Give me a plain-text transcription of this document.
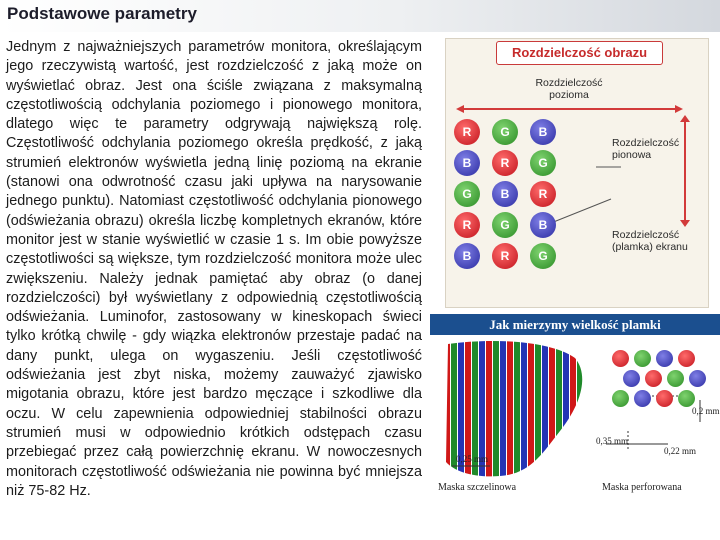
Podstawowe parametry

Jednym z najważniejszych parametrów monitora, określającym jego rzeczywistą wartość, jest rozdzielczość z jaką może on wyświetlać obraz. Jest ona ściśle związana z maksymalną częstotliwością odchylania poziomego i pionowego monitora, dlatego więc te parametry odgrywają największą rolę. Częstotliwość odchylania poziomego określa prędkość, z jaką strumień elektronów wyświetla jedną linię poziomą na ekranie (stanowi ona odwrotność czasu jaki upływa na narysowanie jednego punktu). Natomiast częstotliwość odchylania pionowego (odświeżania obrazu) określa liczbę kompletnych ekranów, które monitor jest w stanie wyświetlić w czasie 1 s. Im obie powyższe częstotliwości są większe, tym rozdzielczość monitora może ulec zwiększeniu. Należy jednak pamiętać aby obraz (o danej rozdzielczości) był wyświetlany z odpowiednią częstotliwością odświeżania. Luminofor, zastosowany w kineskopach świeci tylko krótką chwilę - gdy wiązka elektronów przestaje padać na dany punkt, ulega on wygaszeniu. Jeśli częstotliwość odświeżania jest zbyt niska, możemy zauważyć zjawisko migotania obrazu, które jest bardzo męczące i szkodliwe dla oczu. W celu zapewnienia odpowiedniej stabilności obrazu strumień musi w odpowiednio krótkich odstępach czasu przebiegać przez całą powierzchnię ekranu. W nowoczesnych monitorach częstotliwość odświeżania nie powinna być mniejsza niż 75-82 Hz.

Rozdzielczość obrazu
Rozdzielczość
pozioma
Rozdzielczość
pionowa
Rozdzielczość
(plamka) ekranu
R	G	B
B	R	G
G	B	R
R	G	B
B	R	G
Jak mierzymy wielkość plamki
0,25 mm
0,35 mm
0,22 mm
0,2 mm
Maska szczelinowa	Maska perforowana
